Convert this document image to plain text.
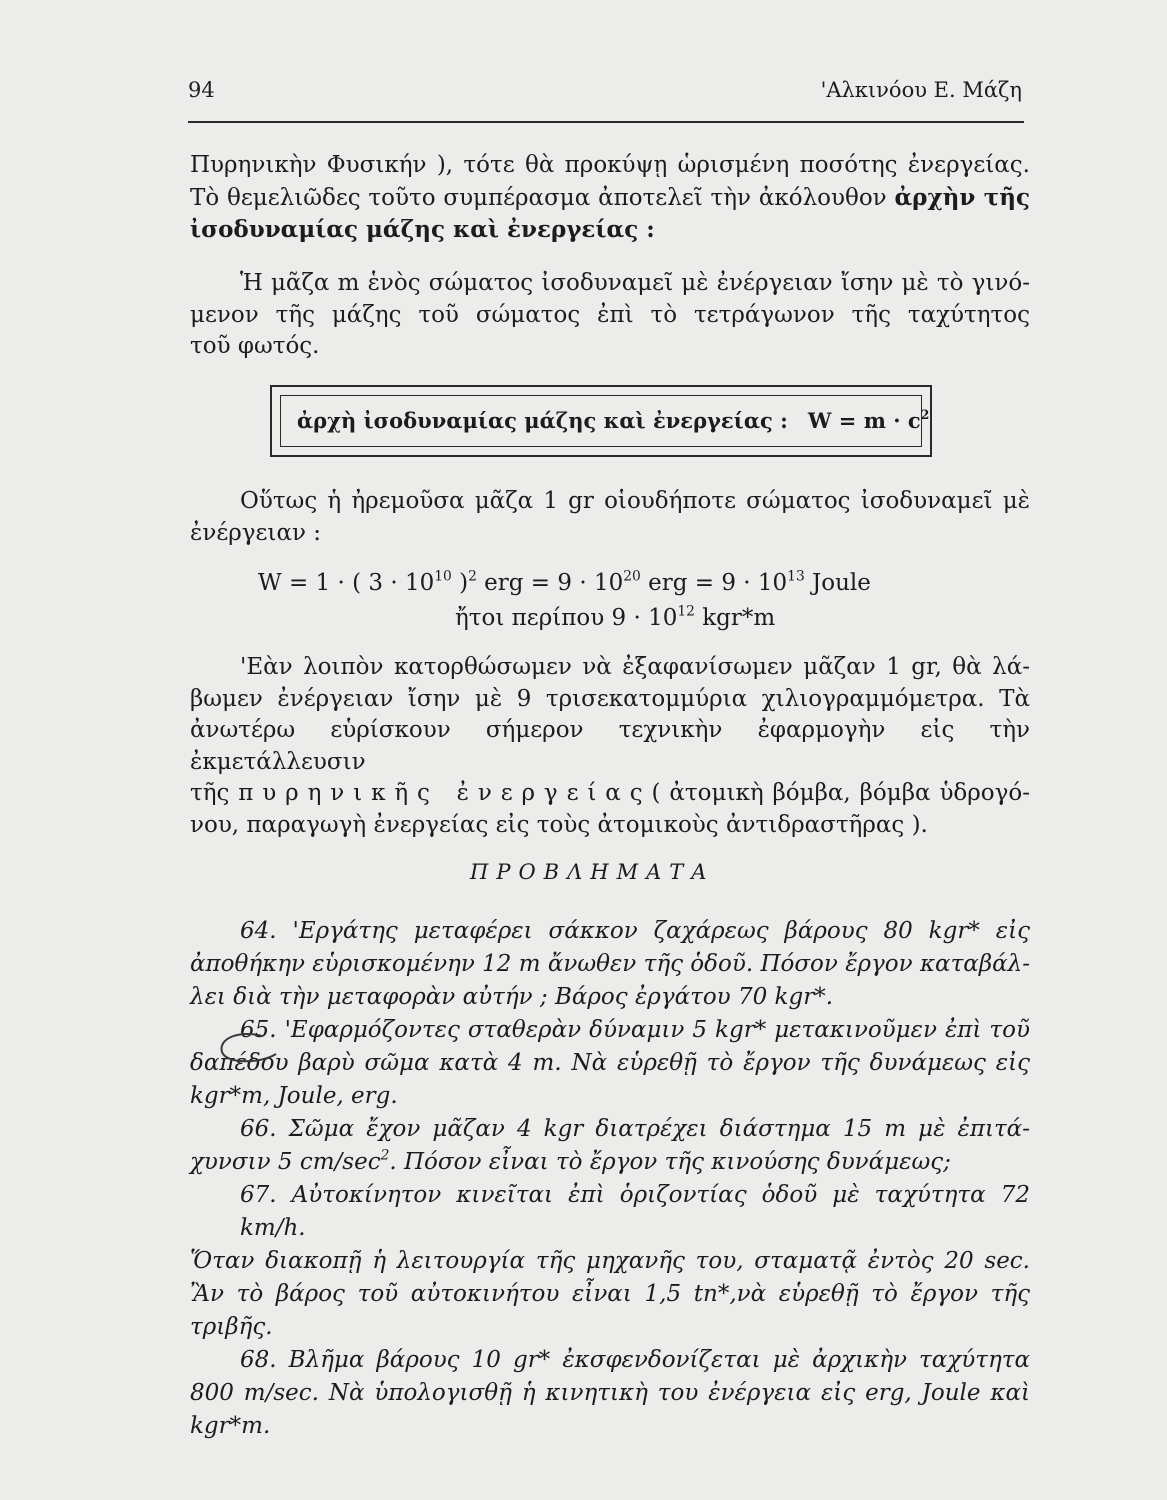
94	'Αλκινόου Ε. Μάζη
Πυρηνικὴν Φυσικήν ), τότε θὰ προκύψῃ ὡρισμένη ποσότης ἐνεργείας.
Τὸ θεμελιῶδες τοῦτο συμπέρασμα ἀποτελεῖ τὴν ἀκόλουθον ἀρχὴν τῆς
ἰσοδυναμίας μάζης καὶ ἐνεργείας :
Ἡ μᾶζα m ἑνὸς σώματος ἰσοδυναμεῖ μὲ ἐνέργειαν ἴσην μὲ τὸ γινό-
μενον τῆς μάζης τοῦ σώματος ἐπὶ τὸ τετράγωνον τῆς ταχύτητος
τοῦ φωτός.
ἀρχὴ ἰσοδυναμίας μάζης καὶ ἐνεργείας : $W = m \cdot c^2$
Οὕτως ἡ ἠρεμοῦσα μᾶζα 1 gr οἱουδήποτε σώματος ἰσοδυναμεῖ μὲ
ἐνέργειαν :
W = 1 · ( $3 \cdot 10^{10}$ )$^2$ erg = $9 \cdot 10^{20}$ erg = $9 \cdot 10^{13}$ Joule
ἤτοι περίπου $9 \cdot 10^{12}$ kgr*m
'Εὰν λοιπὸν κατορθώσωμεν νὰ ἐξαφανίσωμεν μᾶζαν 1 gr, θὰ λά-
βωμεν ἐνέργειαν ἴσην μὲ 9 τρισεκατομμύρια χιλιογραμμόμετρα. Τὰ
ἀνωτέρω εὑρίσκουν σήμερον τεχνικὴν ἐφαρμογὴν εἰς τὴν ἐκμετάλλευσιν
τῆς π υ ρ η ν ι κ ῆ ς   ἐ ν ε ρ γ ε ί α ς ( ἀτομικὴ βόμβα, βόμβα ὑδρογό-
νου, παραγωγὴ ἐνεργείας εἰς τοὺς ἀτομικοὺς ἀντιδραστῆρας ).
ΠΡΟΒΛΗΜΑΤΑ
64. 'Εργάτης μεταφέρει σάκκον ζαχάρεως βάρους 80 kgr* εἰς
ἀποθήκην εὑρισκομένην 12 m ἄνωθεν τῆς ὁδοῦ. Πόσον ἔργον καταβάλ-
λει διὰ τὴν μεταφορὰν αὐτήν ; Βάρος ἐργάτου 70 kgr*.
65. 'Εφαρμόζοντες σταθερὰν δύναμιν 5 kgr* μετακινοῦμεν ἐπὶ τοῦ
δαπέδου βαρὺ σῶμα κατὰ 4 m. Νὰ εὑρεθῇ τὸ ἔργον τῆς δυνάμεως εἰς
kgr*m, Joule, erg.
66. Σῶμα ἔχον μᾶζαν 4 kgr διατρέχει διάστημα 15 m μὲ ἐπιτά-
χυνσιν 5 $cm/\sec^2$. Πόσον εἶναι τὸ ἔργον τῆς κινούσης δυνάμεως;
67. Αὐτοκίνητον κινεῖται ἐπὶ ὁριζοντίας ὁδοῦ μὲ ταχύτητα 72 km/h.
Ὅταν διακοπῇ ἡ λειτουργία τῆς μηχανῆς του, σταματᾷ ἐντὸς 20 sec.
Ἂν τὸ βάρος τοῦ αὐτοκινήτου εἶναι 1,5 tn*,νὰ εὑρεθῇ τὸ ἔργον τῆς τριβῆς.
68. Βλῆμα βάρους 10 gr* ἐκσφενδονίζεται μὲ ἀρχικὴν ταχύτητα
800 m/sec. Νὰ ὑπολογισθῇ ἡ κινητικὴ του ἐνέργεια εἰς erg, Joule καὶ
kgr*m.
